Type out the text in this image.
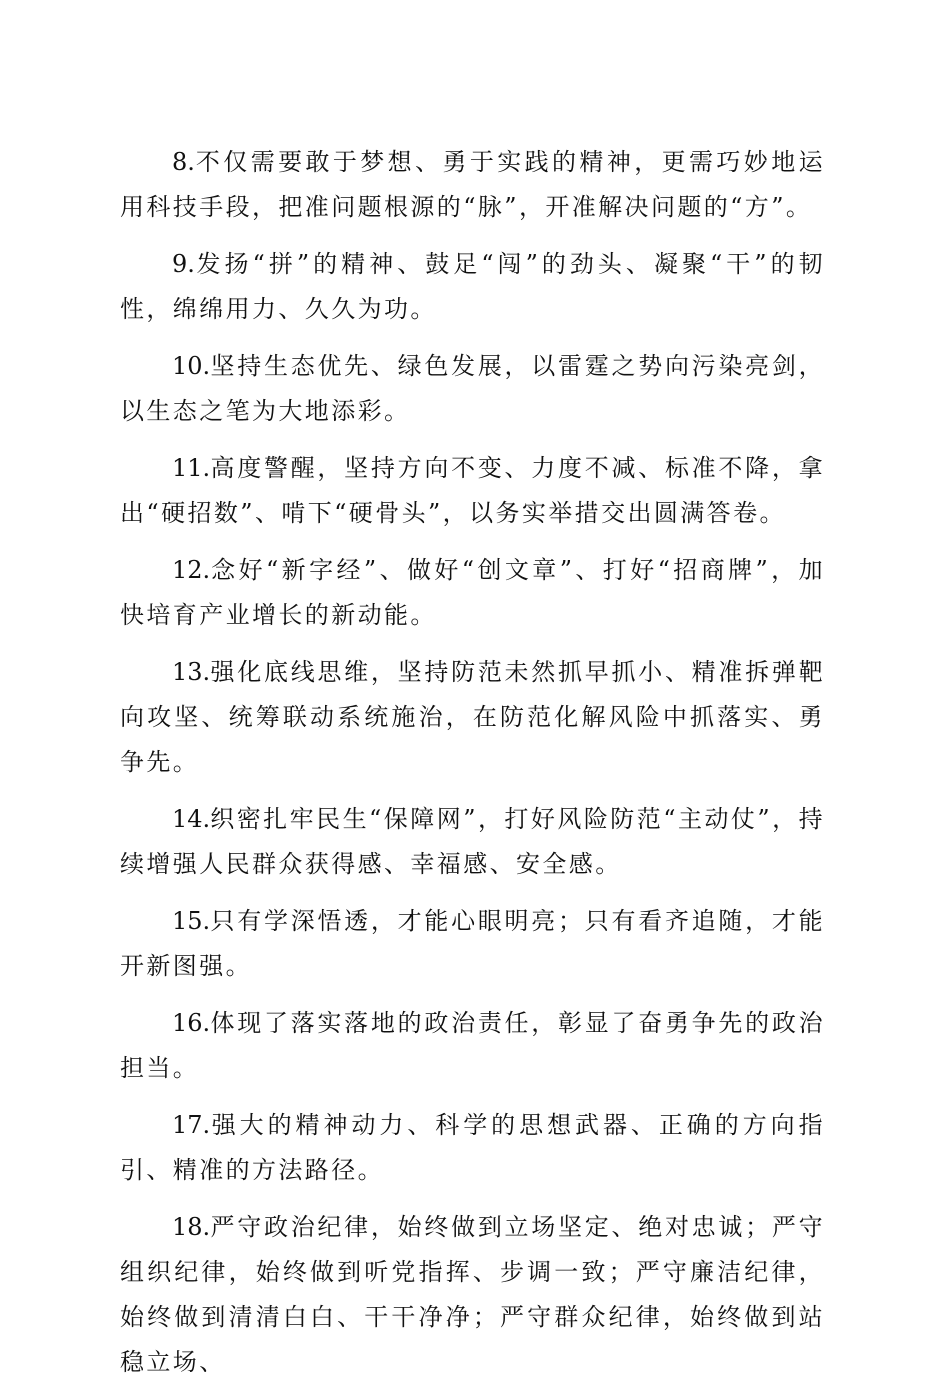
8.不仅需要敢于梦想、勇于实践的精神，更需巧妙地运用科技手段，把准问题根源的“脉”，开准解决问题的“方”。

9.发扬“拼”的精神、鼓足“闯”的劲头、凝聚“干”的韧性，绵绵用力、久久为功。

10.坚持生态优先、绿色发展，以雷霆之势向污染亮剑，以生态之笔为大地添彩。

11.高度警醒，坚持方向不变、力度不减、标准不降，拿出“硬招数”、啃下“硬骨头”，以务实举措交出圆满答卷。

12.念好“新字经”、做好“创文章”、打好“招商牌”，加快培育产业增长的新动能。

13.强化底线思维，坚持防范未然抓早抓小、精准拆弹靶向攻坚、统筹联动系统施治，在防范化解风险中抓落实、勇争先。

14.织密扎牢民生“保障网”，打好风险防范“主动仗”，持续增强人民群众获得感、幸福感、安全感。

15.只有学深悟透，才能心眼明亮；只有看齐追随，才能开新图强。

16.体现了落实落地的政治责任，彰显了奋勇争先的政治担当。

17.强大的精神动力、科学的思想武器、正确的方向指引、精准的方法路径。

18.严守政治纪律，始终做到立场坚定、绝对忠诚；严守组织纪律，始终做到听党指挥、步调一致；严守廉洁纪律，始终做到清清白白、干干净净；严守群众纪律，始终做到站稳立场、
